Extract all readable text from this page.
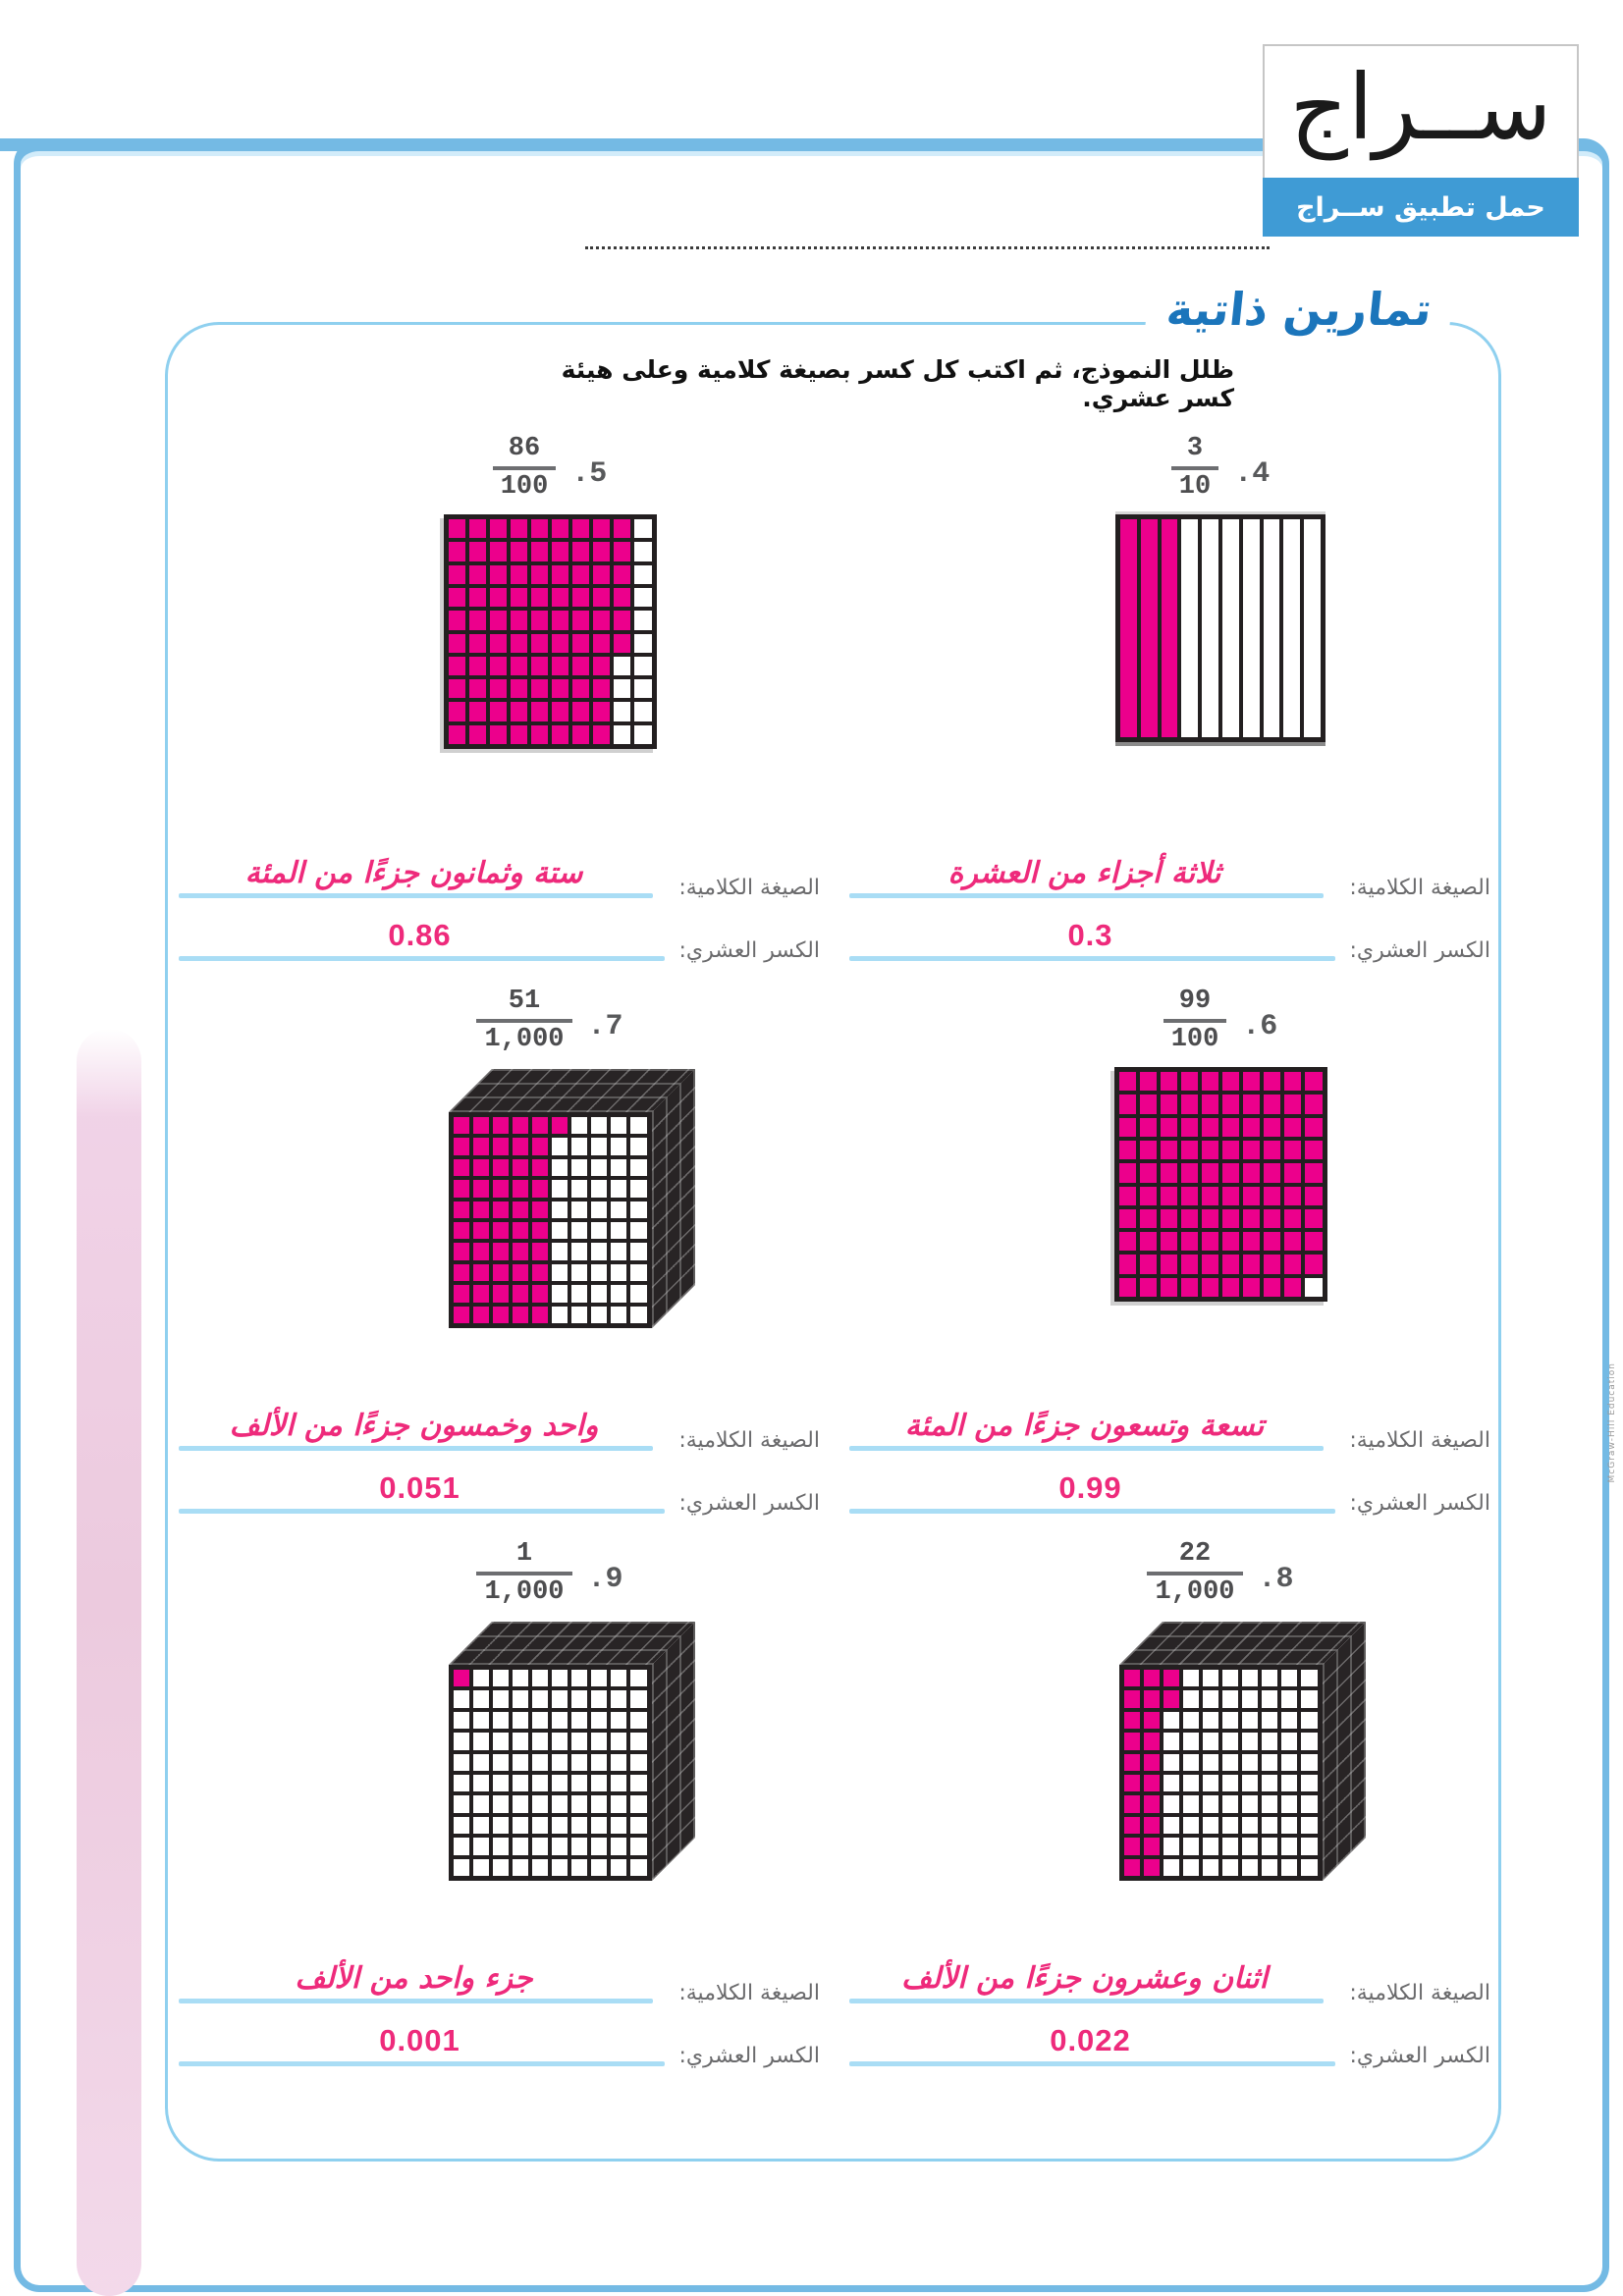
ســراج
حمل تطبيق ســراج
تمارين ذاتية
ظلل النموذج، ثم اكتب كل كسر بصيغة كلامية وعلى هيئة كسر عشري.
.4
$\frac{3}{10}$
ثلاثة أجزاء من العشرة	الصيغة الكلامية:
0.3	الكسر العشري:
.5
$\frac{86}{100}$
ستة وثمانون جزءًا من المئة	الصيغة الكلامية:
0.86	الكسر العشري:
.6
$\frac{99}{100}$
تسعة وتسعون جزءًا من المئة	الصيغة الكلامية:
0.99	الكسر العشري:
.7
$\frac{51}{1,000}$
واحد وخمسون جزءًا من الألف	الصيغة الكلامية:
0.051	الكسر العشري:
.8
$\frac{22}{1,000}$
اثنان وعشرون جزءًا من الألف	الصيغة الكلامية:
0.022	الكسر العشري:
.9
$\frac{1}{1,000}$
جزء واحد من الألف	الصيغة الكلامية:
0.001	الكسر العشري:
McGraw-Hill Education
